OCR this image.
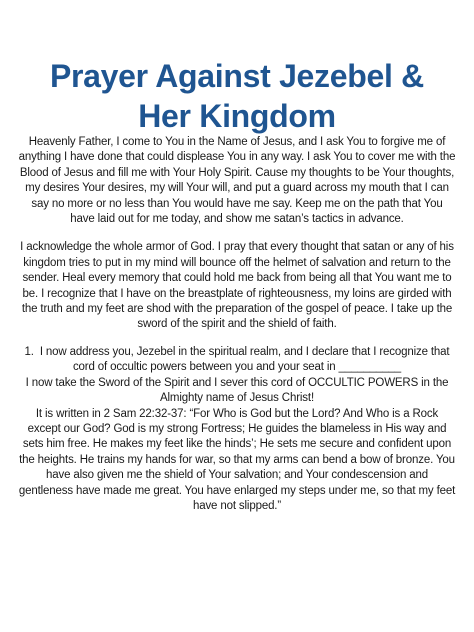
Prayer Against Jezebel & Her Kingdom

Heavenly Father, I come to You in the Name of Jesus, and I ask You to forgive me of anything I have done that could displease You in any way. I ask You to cover me with the Blood of Jesus and fill me with Your Holy Spirit. Cause my thoughts to be Your thoughts, my desires Your desires, my will Your will, and put a guard across my mouth that I can say no more or no less than You would have me say. Keep me on the path that You have laid out for me today, and show me satan’s tactics in advance.

I acknowledge the whole armor of God. I pray that every thought that satan or any of his kingdom tries to put in my mind will bounce off the helmet of salvation and return to the sender. Heal every memory that could hold me back from being all that You want me to be. I recognize that I have on the breastplate of righteousness, my loins are girded with the truth and my feet are shod with the preparation of the gospel of peace. I take up the sword of the spirit and the shield of faith.

1. I now address you, Jezebel in the spiritual realm, and I declare that I recognize that cord of occultic powers between you and your seat in __________

I now take the Sword of the Spirit and I sever this cord of OCCULTIC POWERS in the Almighty name of Jesus Christ!

It is written in 2 Sam 22:32-37: “For Who is God but the Lord? And Who is a Rock except our God? God is my strong Fortress; He guides the blameless in His way and sets him free. He makes my feet like the hinds’; He sets me secure and confident upon the heights. He trains my hands for war, so that my arms can bend a bow of bronze. You have also given me the shield of Your salvation; and Your condescension and gentleness have made me great. You have enlarged my steps under me, so that my feet have not slipped.”
